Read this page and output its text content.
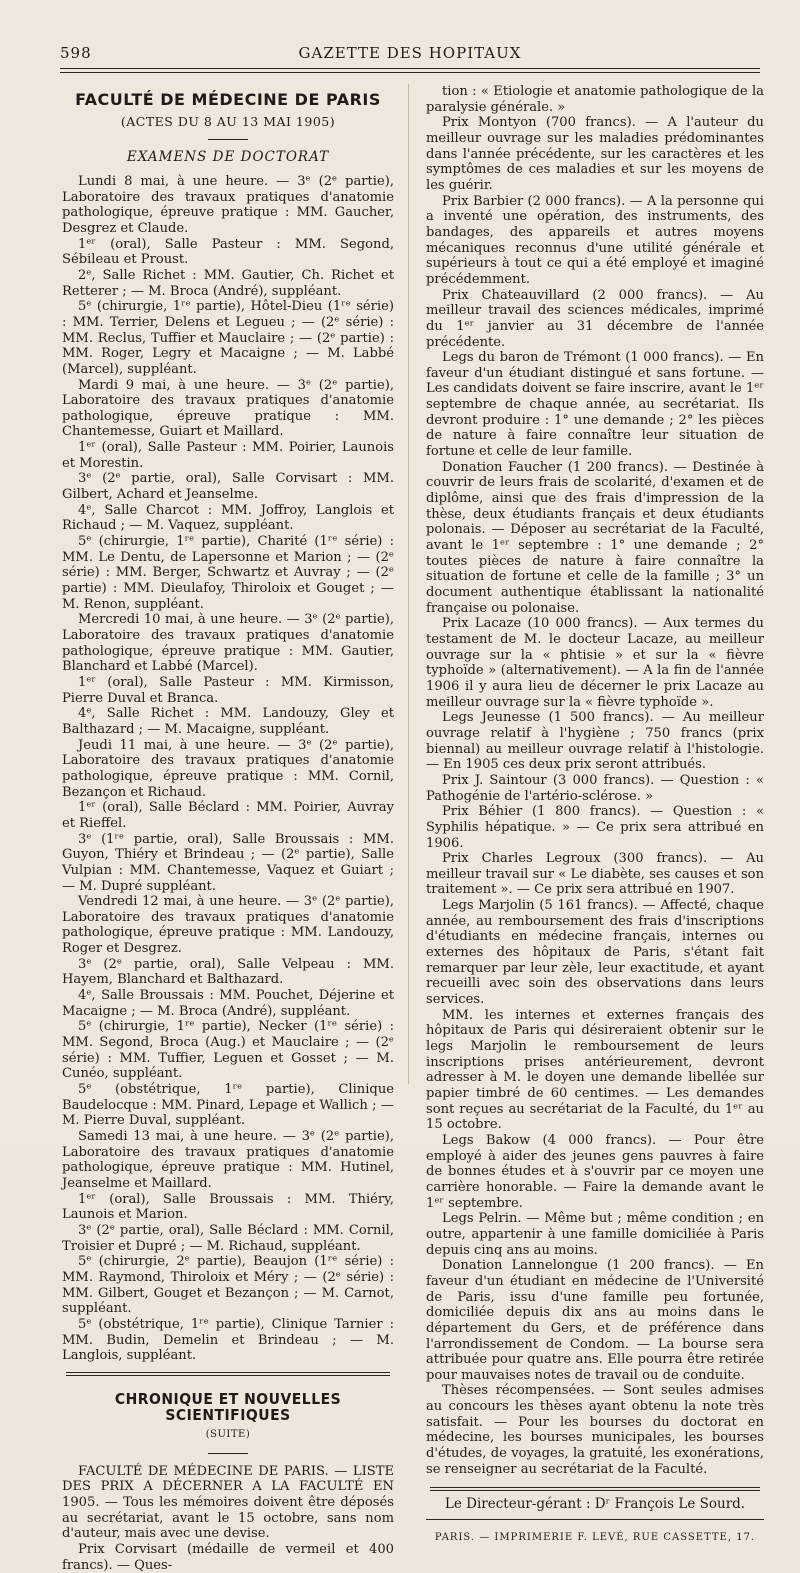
598	GAZETTE DES HOPITAUX
FACULTÉ DE MÉDECINE DE PARIS
(ACTES DU 8 AU 13 MAI 1905)
EXAMENS DE DOCTORAT

Lundi 8 mai, à une heure. — 3ᵉ (2ᵉ partie), Laboratoire des travaux pratiques d'anatomie pathologique, épreuve pratique : MM. Gaucher, Desgrez et Claude.

1ᵉʳ (oral), Salle Pasteur : MM. Segond, Sébileau et Proust.

2ᵉ, Salle Richet : MM. Gautier, Ch. Richet et Retterer ; — M. Broca (André), suppléant.

5ᵉ (chirurgie, 1ʳᵉ partie), Hôtel-Dieu (1ʳᵉ série) : MM. Terrier, Delens et Legueu ; — (2ᵉ série) : MM. Reclus, Tuffier et Mauclaire ; — (2ᵉ partie) : MM. Roger, Legry et Macaigne ; — M. Labbé (Marcel), suppléant.

Mardi 9 mai, à une heure. — 3ᵉ (2ᵉ partie), Laboratoire des travaux pratiques d'anatomie pathologique, épreuve pratique : MM. Chantemesse, Guiart et Maillard.

1ᵉʳ (oral), Salle Pasteur : MM. Poirier, Launois et Morestin.

3ᵉ (2ᵉ partie, oral), Salle Corvisart : MM. Gilbert, Achard et Jeanselme.

4ᵉ, Salle Charcot : MM. Joffroy, Langlois et Richaud ; — M. Vaquez, suppléant.

5ᵉ (chirurgie, 1ʳᵉ partie), Charité (1ʳᵉ série) : MM. Le Dentu, de Lapersonne et Marion ; — (2ᵉ série) : MM. Berger, Schwartz et Auvray ; — (2ᵉ partie) : MM. Dieulafoy, Thiroloix et Gouget ; — M. Renon, suppléant.

Mercredi 10 mai, à une heure. — 3ᵉ (2ᵉ partie), Laboratoire des travaux pratiques d'anatomie pathologique, épreuve pratique : MM. Gautier, Blanchard et Labbé (Marcel).

1ᵉʳ (oral), Salle Pasteur : MM. Kirmisson, Pierre Duval et Branca.

4ᵉ, Salle Richet : MM. Landouzy, Gley et Balthazard ; — M. Macaigne, suppléant.

Jeudi 11 mai, à une heure. — 3ᵉ (2ᵉ partie), Laboratoire des travaux pratiques d'anatomie pathologique, épreuve pratique : MM. Cornil, Bezançon et Richaud.

1ᵉʳ (oral), Salle Béclard : MM. Poirier, Auvray et Rieffel.

3ᵉ (1ʳᵉ partie, oral), Salle Broussais : MM. Guyon, Thiéry et Brindeau ; — (2ᵉ partie), Salle Vulpian : MM. Chantemesse, Vaquez et Guiart ; — M. Dupré suppléant.

Vendredi 12 mai, à une heure. — 3ᵉ (2ᵉ partie), Laboratoire des travaux pratiques d'anatomie pathologique, épreuve pratique : MM. Landouzy, Roger et Desgrez.

3ᵉ (2ᵉ partie, oral), Salle Velpeau : MM. Hayem, Blanchard et Balthazard.

4ᵉ, Salle Broussais : MM. Pouchet, Déjerine et Macaigne ; — M. Broca (André), suppléant.

5ᵉ (chirurgie, 1ʳᵉ partie), Necker (1ʳᵉ série) : MM. Segond, Broca (Aug.) et Mauclaire ; — (2ᵉ série) : MM. Tuffier, Leguen et Gosset ; — M. Cunéo, suppléant.

5ᵉ (obstétrique, 1ʳᵉ partie), Clinique Baudelocque : MM. Pinard, Lepage et Wallich ; — M. Pierre Duval, suppléant.

Samedi 13 mai, à une heure. — 3ᵉ (2ᵉ partie), Laboratoire des travaux pratiques d'anatomie pathologique, épreuve pratique : MM. Hutinel, Jeanselme et Maillard.

1ᵉʳ (oral), Salle Broussais : MM. Thiéry, Launois et Marion.

3ᵉ (2ᵉ partie, oral), Salle Béclard : MM. Cornil, Troisier et Dupré ; — M. Richaud, suppléant.

5ᵉ (chirurgie, 2ᵉ partie), Beaujon (1ʳᵉ série) : MM. Raymond, Thiroloix et Méry ; — (2ᵉ série) : MM. Gilbert, Gouget et Bezançon ; — M. Carnot, suppléant.

5ᵉ (obstétrique, 1ʳᵉ partie), Clinique Tarnier : MM. Budin, Demelin et Brindeau ; — M. Langlois, suppléant.

CHRONIQUE ET NOUVELLES SCIENTIFIQUES
(SUITE)

FACULTÉ DE MÉDECINE DE PARIS. — LISTE DES PRIX A DÉCERNER A LA FACULTÉ EN 1905. — Tous les mémoires doivent être déposés au secrétariat, avant le 15 octobre, sans nom d'auteur, mais avec une devise.

Prix Corvisart (médaille de vermeil et 400 francs). — Ques-

tion : « Etiologie et anatomie pathologique de la paralysie générale. »

Prix Montyon (700 francs). — A l'auteur du meilleur ouvrage sur les maladies prédominantes dans l'année précédente, sur les caractères et les symptômes de ces maladies et sur les moyens de les guérir.

Prix Barbier (2 000 francs). — A la personne qui a inventé une opération, des instruments, des bandages, des appareils et autres moyens mécaniques reconnus d'une utilité générale et supérieurs à tout ce qui a été employé et imaginé précédemment.

Prix Chateauvillard (2 000 francs). — Au meilleur travail des sciences médicales, imprimé du 1ᵉʳ janvier au 31 décembre de l'année précédente.

Legs du baron de Trémont (1 000 francs). — En faveur d'un étudiant distingué et sans fortune. — Les candidats doivent se faire inscrire, avant le 1ᵉʳ septembre de chaque année, au secrétariat. Ils devront produire : 1° une demande ; 2° les pièces de nature à faire connaître leur situation de fortune et celle de leur famille.

Donation Faucher (1 200 francs). — Destinée à couvrir de leurs frais de scolarité, d'examen et de diplôme, ainsi que des frais d'impression de la thèse, deux étudiants français et deux étudiants polonais. — Déposer au secrétariat de la Faculté, avant le 1ᵉʳ septembre : 1° une demande ; 2° toutes pièces de nature à faire connaître la situation de fortune et celle de la famille ; 3° un document authentique établissant la nationalité française ou polonaise.

Prix Lacaze (10 000 francs). — Aux termes du testament de M. le docteur Lacaze, au meilleur ouvrage sur la « phtisie » et sur la « fièvre typhoïde » (alternativement). — A la fin de l'année 1906 il y aura lieu de décerner le prix Lacaze au meilleur ouvrage sur la « fièvre typhoïde ».

Legs Jeunesse (1 500 francs). — Au meilleur ouvrage relatif à l'hygiène ; 750 francs (prix biennal) au meilleur ouvrage relatif à l'histologie. — En 1905 ces deux prix seront attribués.

Prix J. Saintour (3 000 francs). — Question : « Pathogénie de l'artério-sclérose. »

Prix Béhier (1 800 francs). — Question : « Syphilis hépatique. » — Ce prix sera attribué en 1906.

Prix Charles Legroux (300 francs). — Au meilleur travail sur « Le diabète, ses causes et son traitement ». — Ce prix sera attribué en 1907.

Legs Marjolin (5 161 francs). — Affecté, chaque année, au remboursement des frais d'inscriptions d'étudiants en médecine français, internes ou externes des hôpitaux de Paris, s'étant fait remarquer par leur zèle, leur exactitude, et ayant recueilli avec soin des observations dans leurs services.

MM. les internes et externes français des hôpitaux de Paris qui désireraient obtenir sur le legs Marjolin le remboursement de leurs inscriptions prises antérieurement, devront adresser à M. le doyen une demande libellée sur papier timbré de 60 centimes. — Les demandes sont reçues au secrétariat de la Faculté, du 1ᵉʳ au 15 octobre.

Legs Bakow (4 000 francs). — Pour être employé à aider des jeunes gens pauvres à faire de bonnes études et à s'ouvrir par ce moyen une carrière honorable. — Faire la demande avant le 1ᵉʳ septembre.

Legs Pelrin. — Même but ; même condition ; en outre, appartenir à une famille domiciliée à Paris depuis cinq ans au moins.

Donation Lannelongue (1 200 francs). — En faveur d'un étudiant en médecine de l'Université de Paris, issu d'une famille peu fortunée, domiciliée depuis dix ans au moins dans le département du Gers, et de préférence dans l'arrondissement de Condom. — La bourse sera attribuée pour quatre ans. Elle pourra être retirée pour mauvaises notes de travail ou de conduite.

Thèses récompensées. — Sont seules admises au concours les thèses ayant obtenu la note très satisfait. — Pour les bourses du doctorat en médecine, les bourses municipales, les bourses d'études, de voyages, la gratuité, les exonérations, se renseigner au secrétariat de la Faculté.

Le Directeur-gérant : Dʳ François Le Sourd.
PARIS. — IMPRIMERIE F. LEVÉ, RUE CASSETTE, 17.
